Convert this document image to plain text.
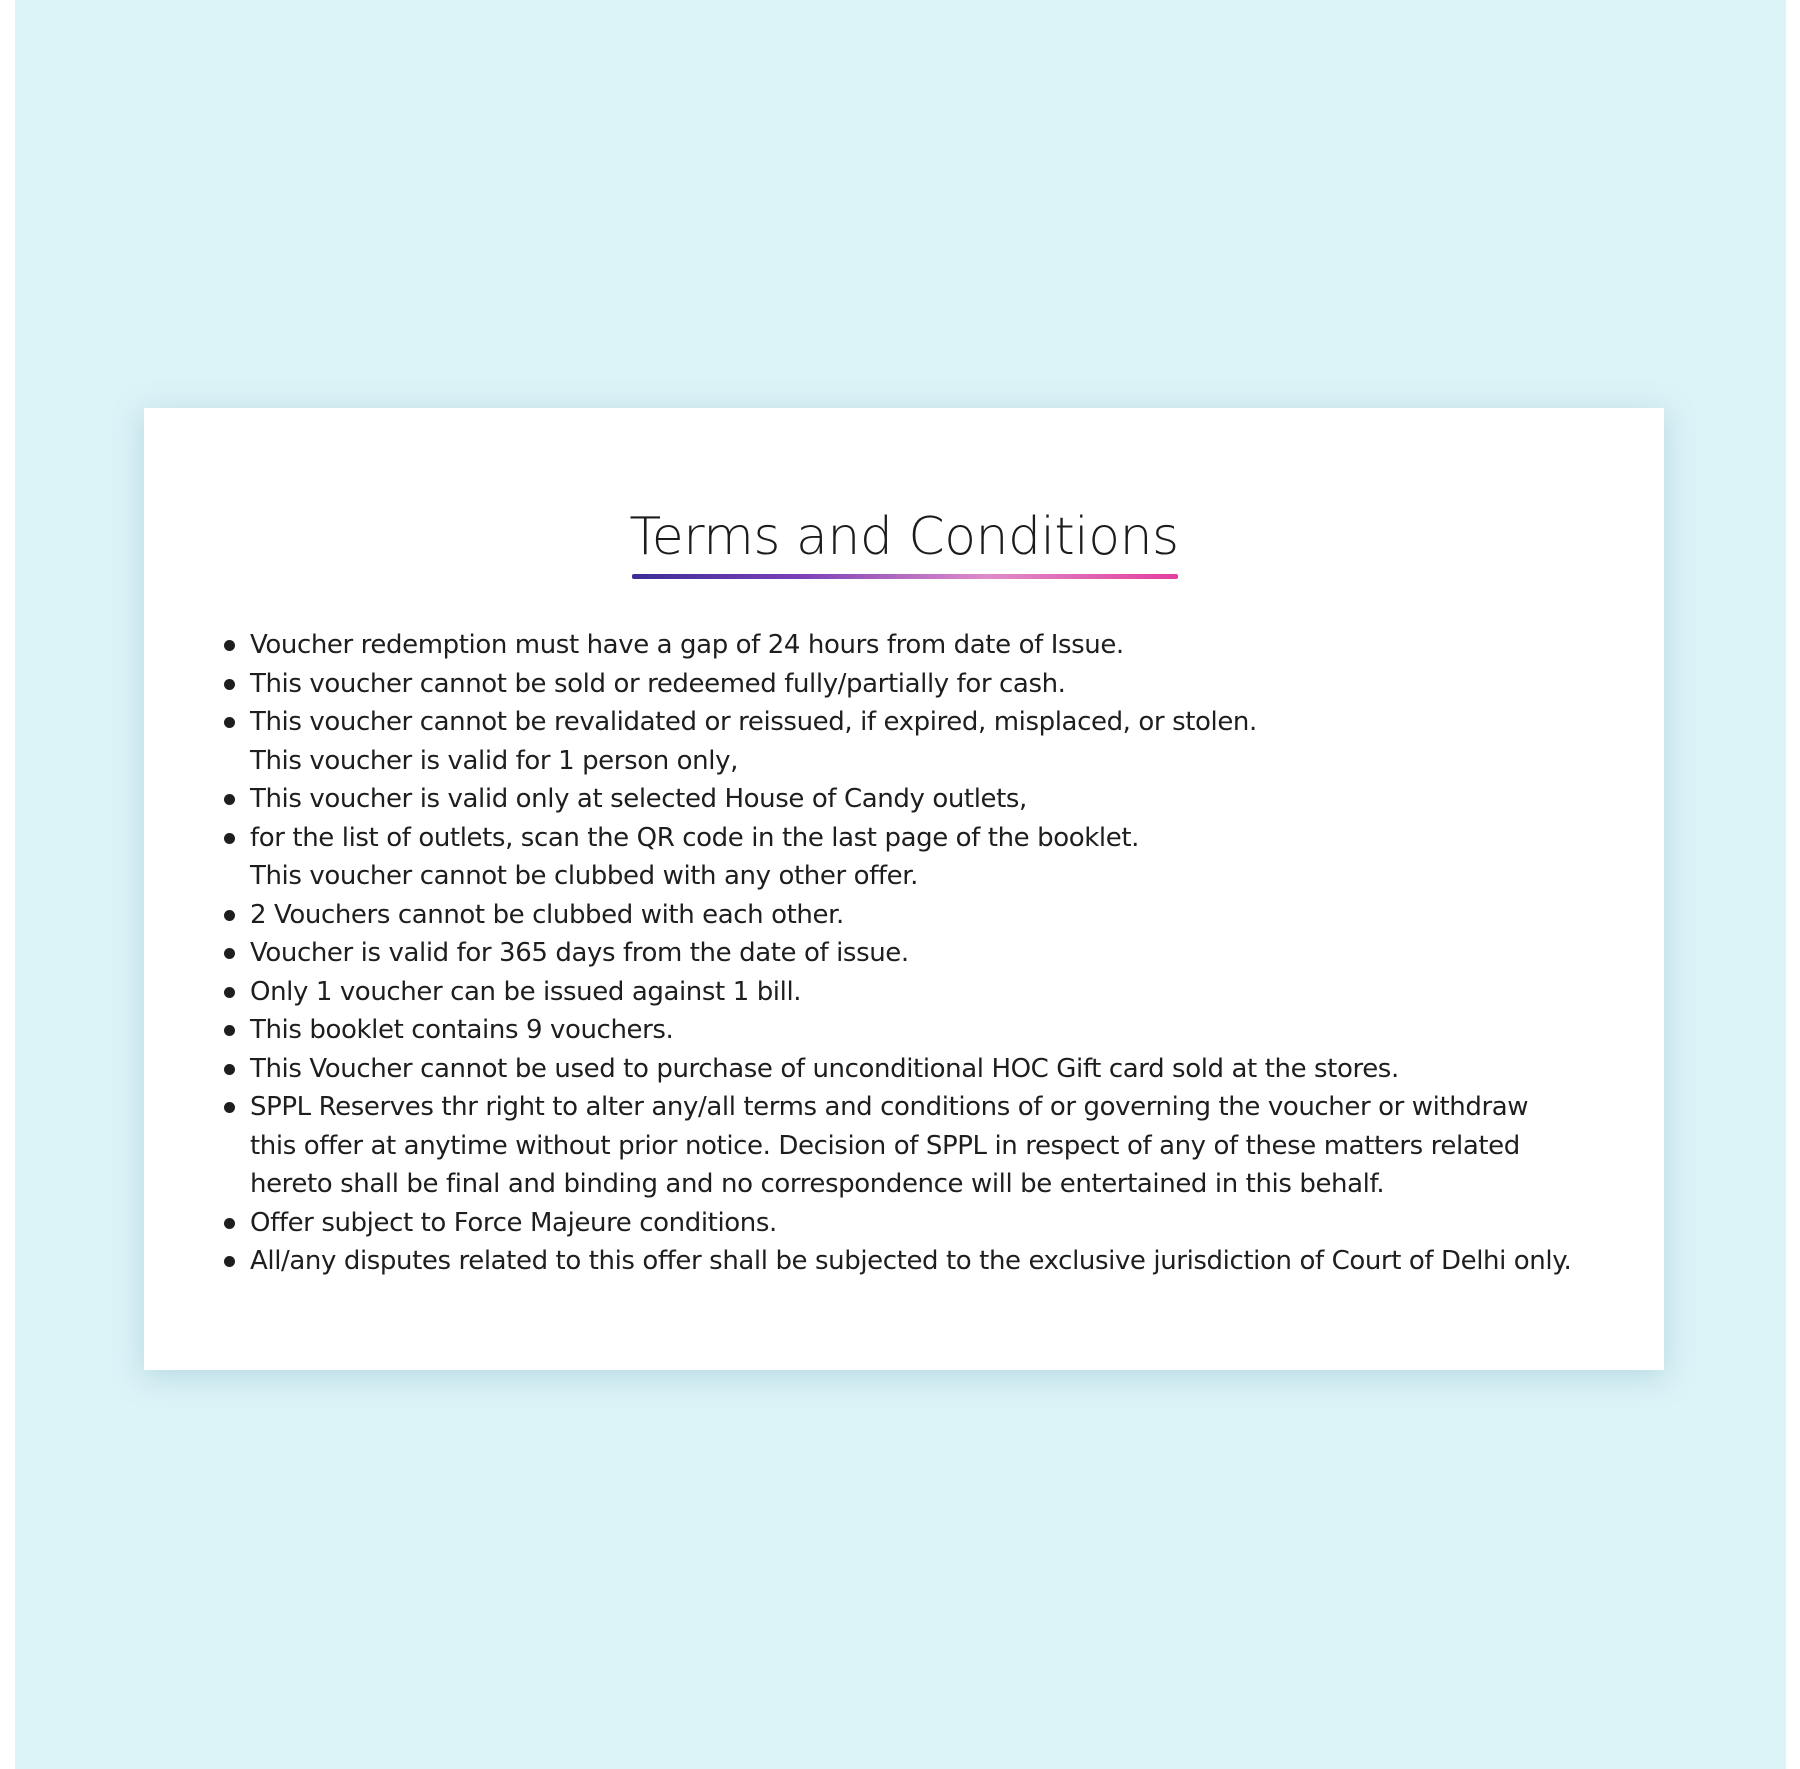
Terms and Conditions
Voucher redemption must have a gap of 24 hours from date of Issue.
This voucher cannot be sold or redeemed fully/partially for cash.
This voucher cannot be revalidated or reissued, if expired, misplaced, or stolen.
This voucher is valid for 1 person only,
This voucher is valid only at selected House of Candy outlets,
for the list of outlets, scan the QR code in the last page of the booklet.
This voucher cannot be clubbed with any other offer.
2 Vouchers cannot be clubbed with each other.
Voucher is valid for 365 days from the date of issue.
Only 1 voucher can be issued against 1 bill.
This booklet contains 9 vouchers.
This Voucher cannot be used to purchase of unconditional HOC Gift card sold at the stores.
SPPL Reserves thr right to alter any/all terms and conditions of or governing the voucher or withdraw
this offer at anytime without prior notice. Decision of SPPL in respect of any of these matters related
hereto shall be final and binding and no correspondence will be entertained in this behalf.
Offer subject to Force Majeure conditions.
All/any disputes related to this offer shall be subjected to the exclusive jurisdiction of Court of Delhi only.
